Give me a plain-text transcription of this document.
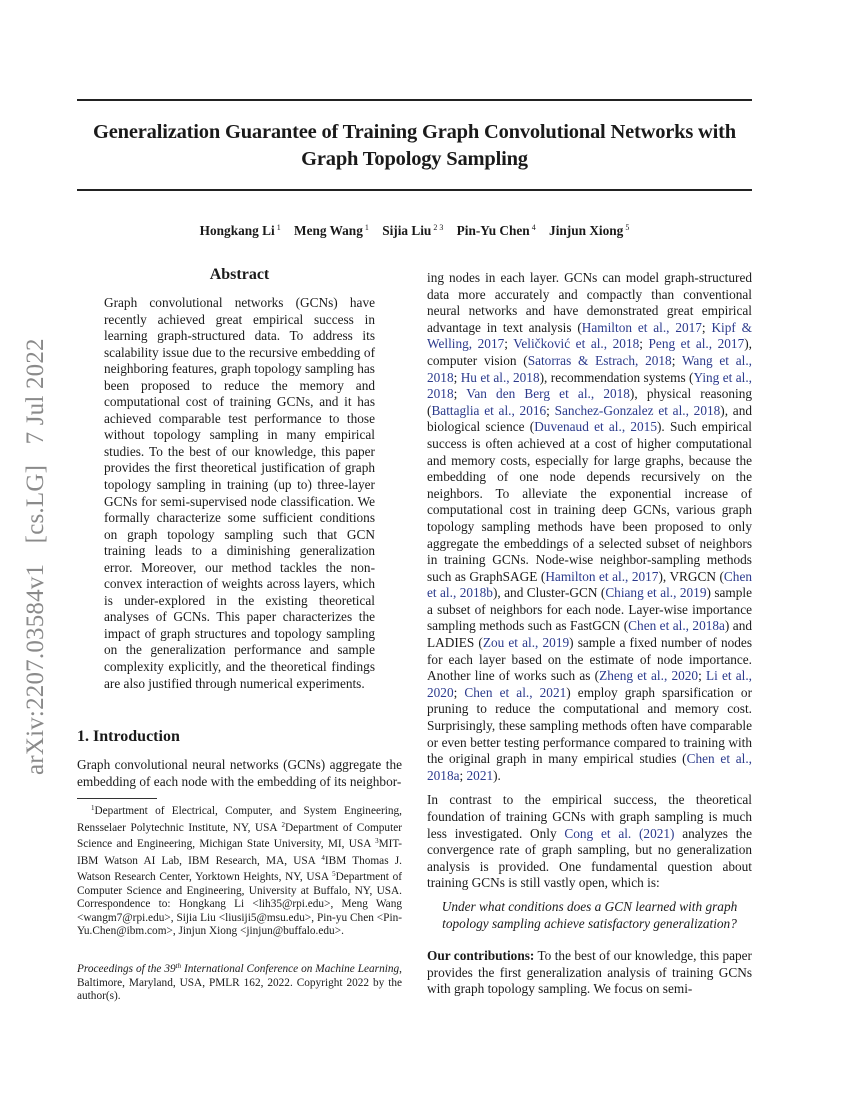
arXiv:2207.03584v1 [cs.LG] 7 Jul 2022
Generalization Guarantee of Training Graph Convolutional Networks with
Graph Topology Sampling
Hongkang Li $^1$ Meng Wang $^1$ Sijia Liu $^{2 3}$ Pin-Yu Chen $^4$ Jinjun Xiong $^5$
Abstract
Graph convolutional networks (GCNs) have recently achieved great empirical success in learning graph-structured data. To address its scalability issue due to the recursive embedding of neighboring features, graph topology sampling has been proposed to reduce the memory and computational cost of training GCNs, and it has achieved comparable test performance to those without topology sampling in many empirical studies. To the best of our knowledge, this paper provides the first theoretical justification of graph topology sampling in training (up to) three-layer GCNs for semi-supervised node classification. We formally characterize some sufficient conditions on graph topology sampling such that GCN training leads to a diminishing generalization error. Moreover, our method tackles the non-convex interaction of weights across layers, which is under-explored in the existing theoretical analyses of GCNs. This paper characterizes the impact of graph structures and topology sampling on the generalization performance and sample complexity explicitly, and the theoretical findings are also justified through numerical experiments.
1. Introduction
Graph convolutional neural networks (GCNs) aggregate the embedding of each node with the embedding of its neighbor-
$^1$Department of Electrical, Computer, and System Engineering, Rensselaer Polytechnic Institute, NY, USA $^2$Department of Computer Science and Engineering, Michigan State University, MI, USA $^3$MIT-IBM Watson AI Lab, IBM Research, MA, USA $^4$IBM Thomas J. Watson Research Center, Yorktown Heights, NY, USA $^5$Department of Computer Science and Engineering, University at Buffalo, NY, USA. Correspondence to: Hongkang Li <lih35@rpi.edu>, Meng Wang <wangm7@rpi.edu>, Sijia Liu <liusiji5@msu.edu>, Pin-yu Chen <Pin-Yu.Chen@ibm.com>, Jinjun Xiong <jinjun@buffalo.edu>.
Proceedings of the 39th International Conference on Machine Learning, Baltimore, Maryland, USA, PMLR 162, 2022. Copyright 2022 by the author(s).

ing nodes in each layer. GCNs can model graph-structured data more accurately and compactly than conventional neural networks and have demonstrated great empirical advantage in text analysis (Hamilton et al., 2017; Kipf & Welling, 2017; Veličković et al., 2018; Peng et al., 2017), computer vision (Satorras & Estrach, 2018; Wang et al., 2018; Hu et al., 2018), recommendation systems (Ying et al., 2018; Van den Berg et al., 2018), physical reasoning (Battaglia et al., 2016; Sanchez-Gonzalez et al., 2018), and biological science (Duvenaud et al., 2015). Such empirical success is often achieved at a cost of higher computational and memory costs, especially for large graphs, because the embedding of one node depends recursively on the neighbors. To alleviate the exponential increase of computational cost in training deep GCNs, various graph topology sampling methods have been proposed to only aggregate the embeddings of a selected subset of neighbors in training GCNs. Node-wise neighbor-sampling methods such as GraphSAGE (Hamilton et al., 2017), VRGCN (Chen et al., 2018b), and Cluster-GCN (Chiang et al., 2019) sample a subset of neighbors for each node. Layer-wise importance sampling methods such as FastGCN (Chen et al., 2018a) and LADIES (Zou et al., 2019) sample a fixed number of nodes for each layer based on the estimate of node importance. Another line of works such as (Zheng et al., 2020; Li et al., 2020; Chen et al., 2021) employ graph sparsification or pruning to reduce the computational and memory cost. Surprisingly, these sampling methods often have comparable or even better testing performance compared to training with the original graph in many empirical studies (Chen et al., 2018a; 2021).

In contrast to the empirical success, the theoretical foundation of training GCNs with graph sampling is much less investigated. Only Cong et al. (2021) analyzes the convergence rate of graph sampling, but no generalization analysis is provided. One fundamental question about training GCNs is still vastly open, which is:

Under what conditions does a GCN learned with graph topology sampling achieve satisfactory generalization?
Our contributions: To the best of our knowledge, this paper provides the first generalization analysis of training GCNs with graph topology sampling. We focus on semi-
